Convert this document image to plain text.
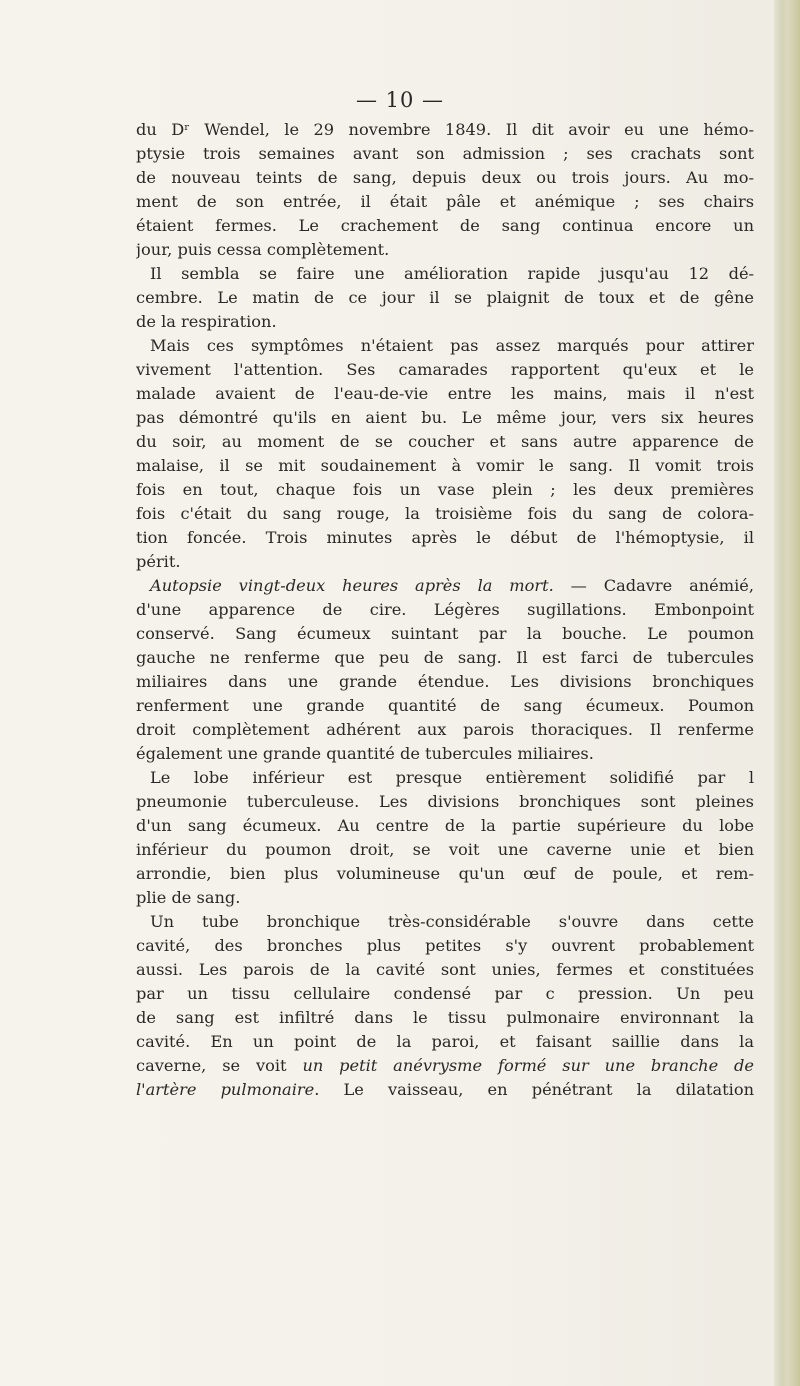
— 10 —
du Dʳ Wendel, le 29 novembre 1849. Il dit avoir eu une hémo-
ptysie trois semaines avant son admission ; ses crachats sont
de nouveau teints de sang, depuis deux ou trois jours. Au mo-
ment de son entrée, il était pâle et anémique ; ses chairs
étaient fermes. Le crachement de sang continua encore un
jour, puis cessa complètement.
Il sembla se faire une amélioration rapide jusqu'au 12 dé-
cembre. Le matin de ce jour il se plaignit de toux et de gêne
de la respiration.
Mais ces symptômes n'étaient pas assez marqués pour attirer
vivement l'attention. Ses camarades rapportent qu'eux et le
malade avaient de l'eau-de-vie entre les mains, mais il n'est
pas démontré qu'ils en aient bu. Le même jour, vers six heures
du soir, au moment de se coucher et sans autre apparence de
malaise, il se mit soudainement à vomir le sang. Il vomit trois
fois en tout, chaque fois un vase plein ; les deux premières
fois c'était du sang rouge, la troisième fois du sang de colora-
tion foncée. Trois minutes après le début de l'hémoptysie, il
périt.
Autopsie vingt-deux heures après la mort. — Cadavre anémié,
d'une apparence de cire. Légères sugillations. Embonpoint
conservé. Sang écumeux suintant par la bouche. Le poumon
gauche ne renferme que peu de sang. Il est farci de tubercules
miliaires dans une grande étendue. Les divisions bronchiques
renferment une grande quantité de sang écumeux. Poumon
droit complètement adhérent aux parois thoraciques. Il renferme
également une grande quantité de tubercules miliaires.
Le lobe inférieur est presque entièrement solidifié par l
pneumonie tuberculeuse. Les divisions bronchiques sont pleines
d'un sang écumeux. Au centre de la partie supérieure du lobe
inférieur du poumon droit, se voit une caverne unie et bien
arrondie, bien plus volumineuse qu'un œuf de poule, et rem-
plie de sang.
Un tube bronchique très-considérable s'ouvre dans cette
cavité, des bronches plus petites s'y ouvrent probablement
aussi. Les parois de la cavité sont unies, fermes et constituées
par un tissu cellulaire condensé par c pression. Un peu
de sang est infiltré dans le tissu pulmonaire environnant la
cavité. En un point de la paroi, et faisant saillie dans la
caverne, se voit un petit anévrysme formé sur une branche de
l'artère pulmonaire. Le vaisseau, en pénétrant la dilatation
